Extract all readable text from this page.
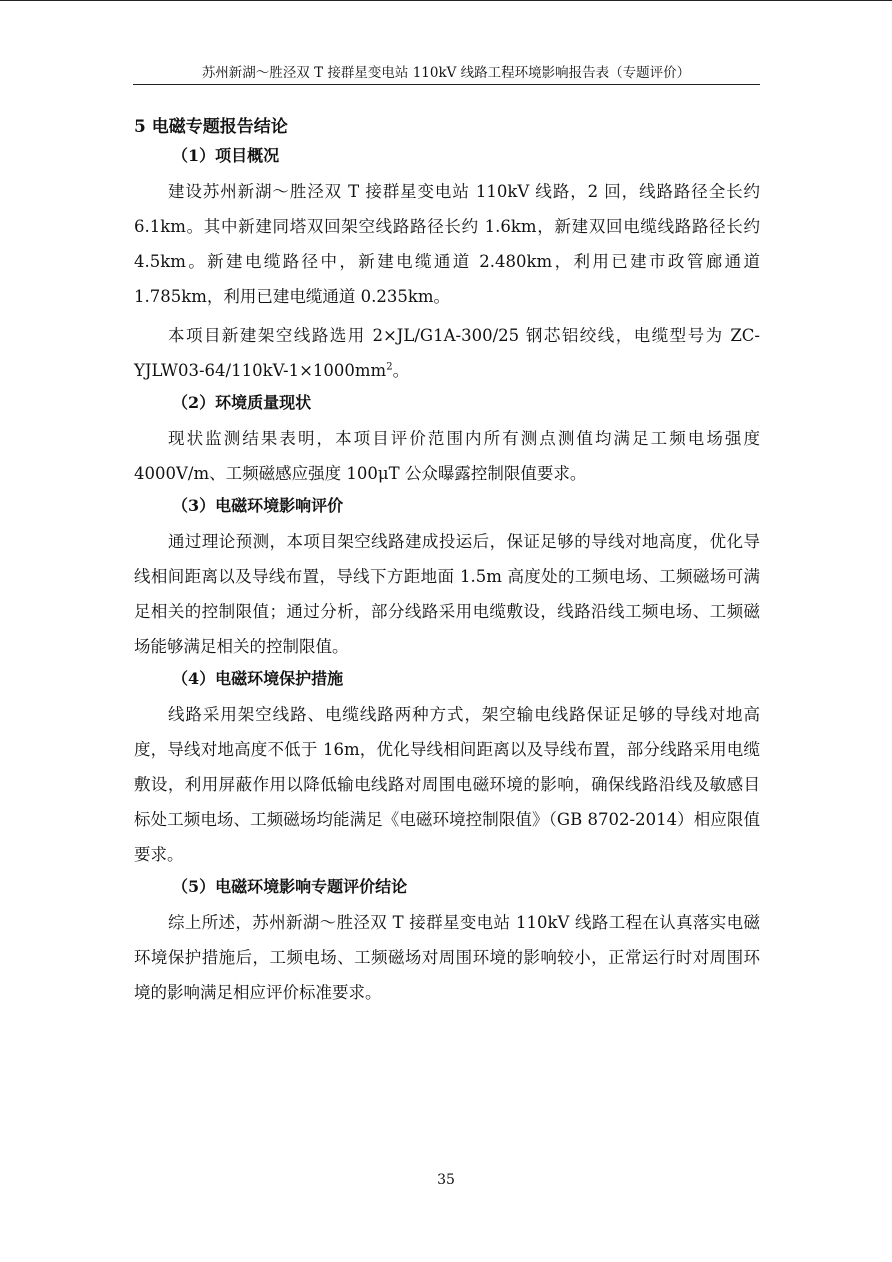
苏州新湖～胜泾双 T 接群星变电站 110kV 线路工程环境影响报告表（专题评价）
5 电磁专题报告结论
（1）项目概况

建设苏州新湖～胜泾双 T 接群星变电站 110kV 线路，2 回，线路路径全长约 6.1km。其中新建同塔双回架空线路路径长约 1.6km，新建双回电缆线路路径长约 4.5km。新建电缆路径中，新建电缆通道 2.480km，利用已建市政管廊通道 1.785km，利用已建电缆通道 0.235km。

本项目新建架空线路选用 2×JL/G1A-300/25 钢芯铝绞线，电缆型号为 $ZC-YJLW03-64/110kV-1\times 1000mm^2$。

（2）环境质量现状

现状监测结果表明，本项目评价范围内所有测点测值均满足工频电场强度 4000V/m、工频磁感应强度 100μT 公众曝露控制限值要求。

（3）电磁环境影响评价

通过理论预测，本项目架空线路建成投运后，保证足够的导线对地高度，优化导线相间距离以及导线布置，导线下方距地面 1.5m 高度处的工频电场、工频磁场可满足相关的控制限值；通过分析，部分线路采用电缆敷设，线路沿线工频电场、工频磁场能够满足相关的控制限值。

（4）电磁环境保护措施

线路采用架空线路、电缆线路两种方式，架空输电线路保证足够的导线对地高度，导线对地高度不低于 16m，优化导线相间距离以及导线布置，部分线路采用电缆敷设，利用屏蔽作用以降低输电线路对周围电磁环境的影响，确保线路沿线及敏感目标处工频电场、工频磁场均能满足《电磁环境控制限值》（GB 8702-2014）相应限值要求。

（5）电磁环境影响专题评价结论

综上所述，苏州新湖～胜泾双 T 接群星变电站 110kV 线路工程在认真落实电磁环境保护措施后，工频电场、工频磁场对周围环境的影响较小，正常运行时对周围环境的影响满足相应评价标准要求。

35
